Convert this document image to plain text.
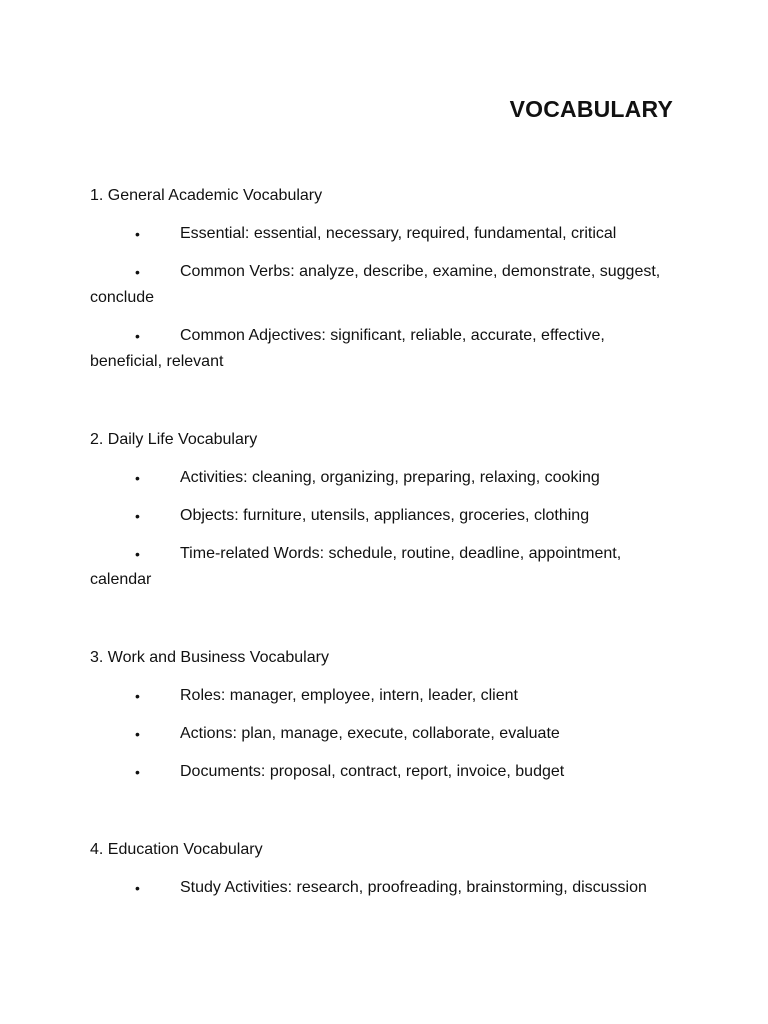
VOCABULARY
1. General Academic Vocabulary
•	Essential: essential, necessary, required, fundamental, critical
•	Common Verbs: analyze, describe, examine, demonstrate, suggest, conclude
•	Common Adjectives: significant, reliable, accurate, effective, beneficial, relevant
2. Daily Life Vocabulary
•	Activities: cleaning, organizing, preparing, relaxing, cooking
•	Objects: furniture, utensils, appliances, groceries, clothing
•	Time-related Words: schedule, routine, deadline, appointment, calendar
3. Work and Business Vocabulary
•	Roles: manager, employee, intern, leader, client
•	Actions: plan, manage, execute, collaborate, evaluate
•	Documents: proposal, contract, report, invoice, budget
4. Education Vocabulary
•	Study Activities: research, proofreading, brainstorming, discussion
